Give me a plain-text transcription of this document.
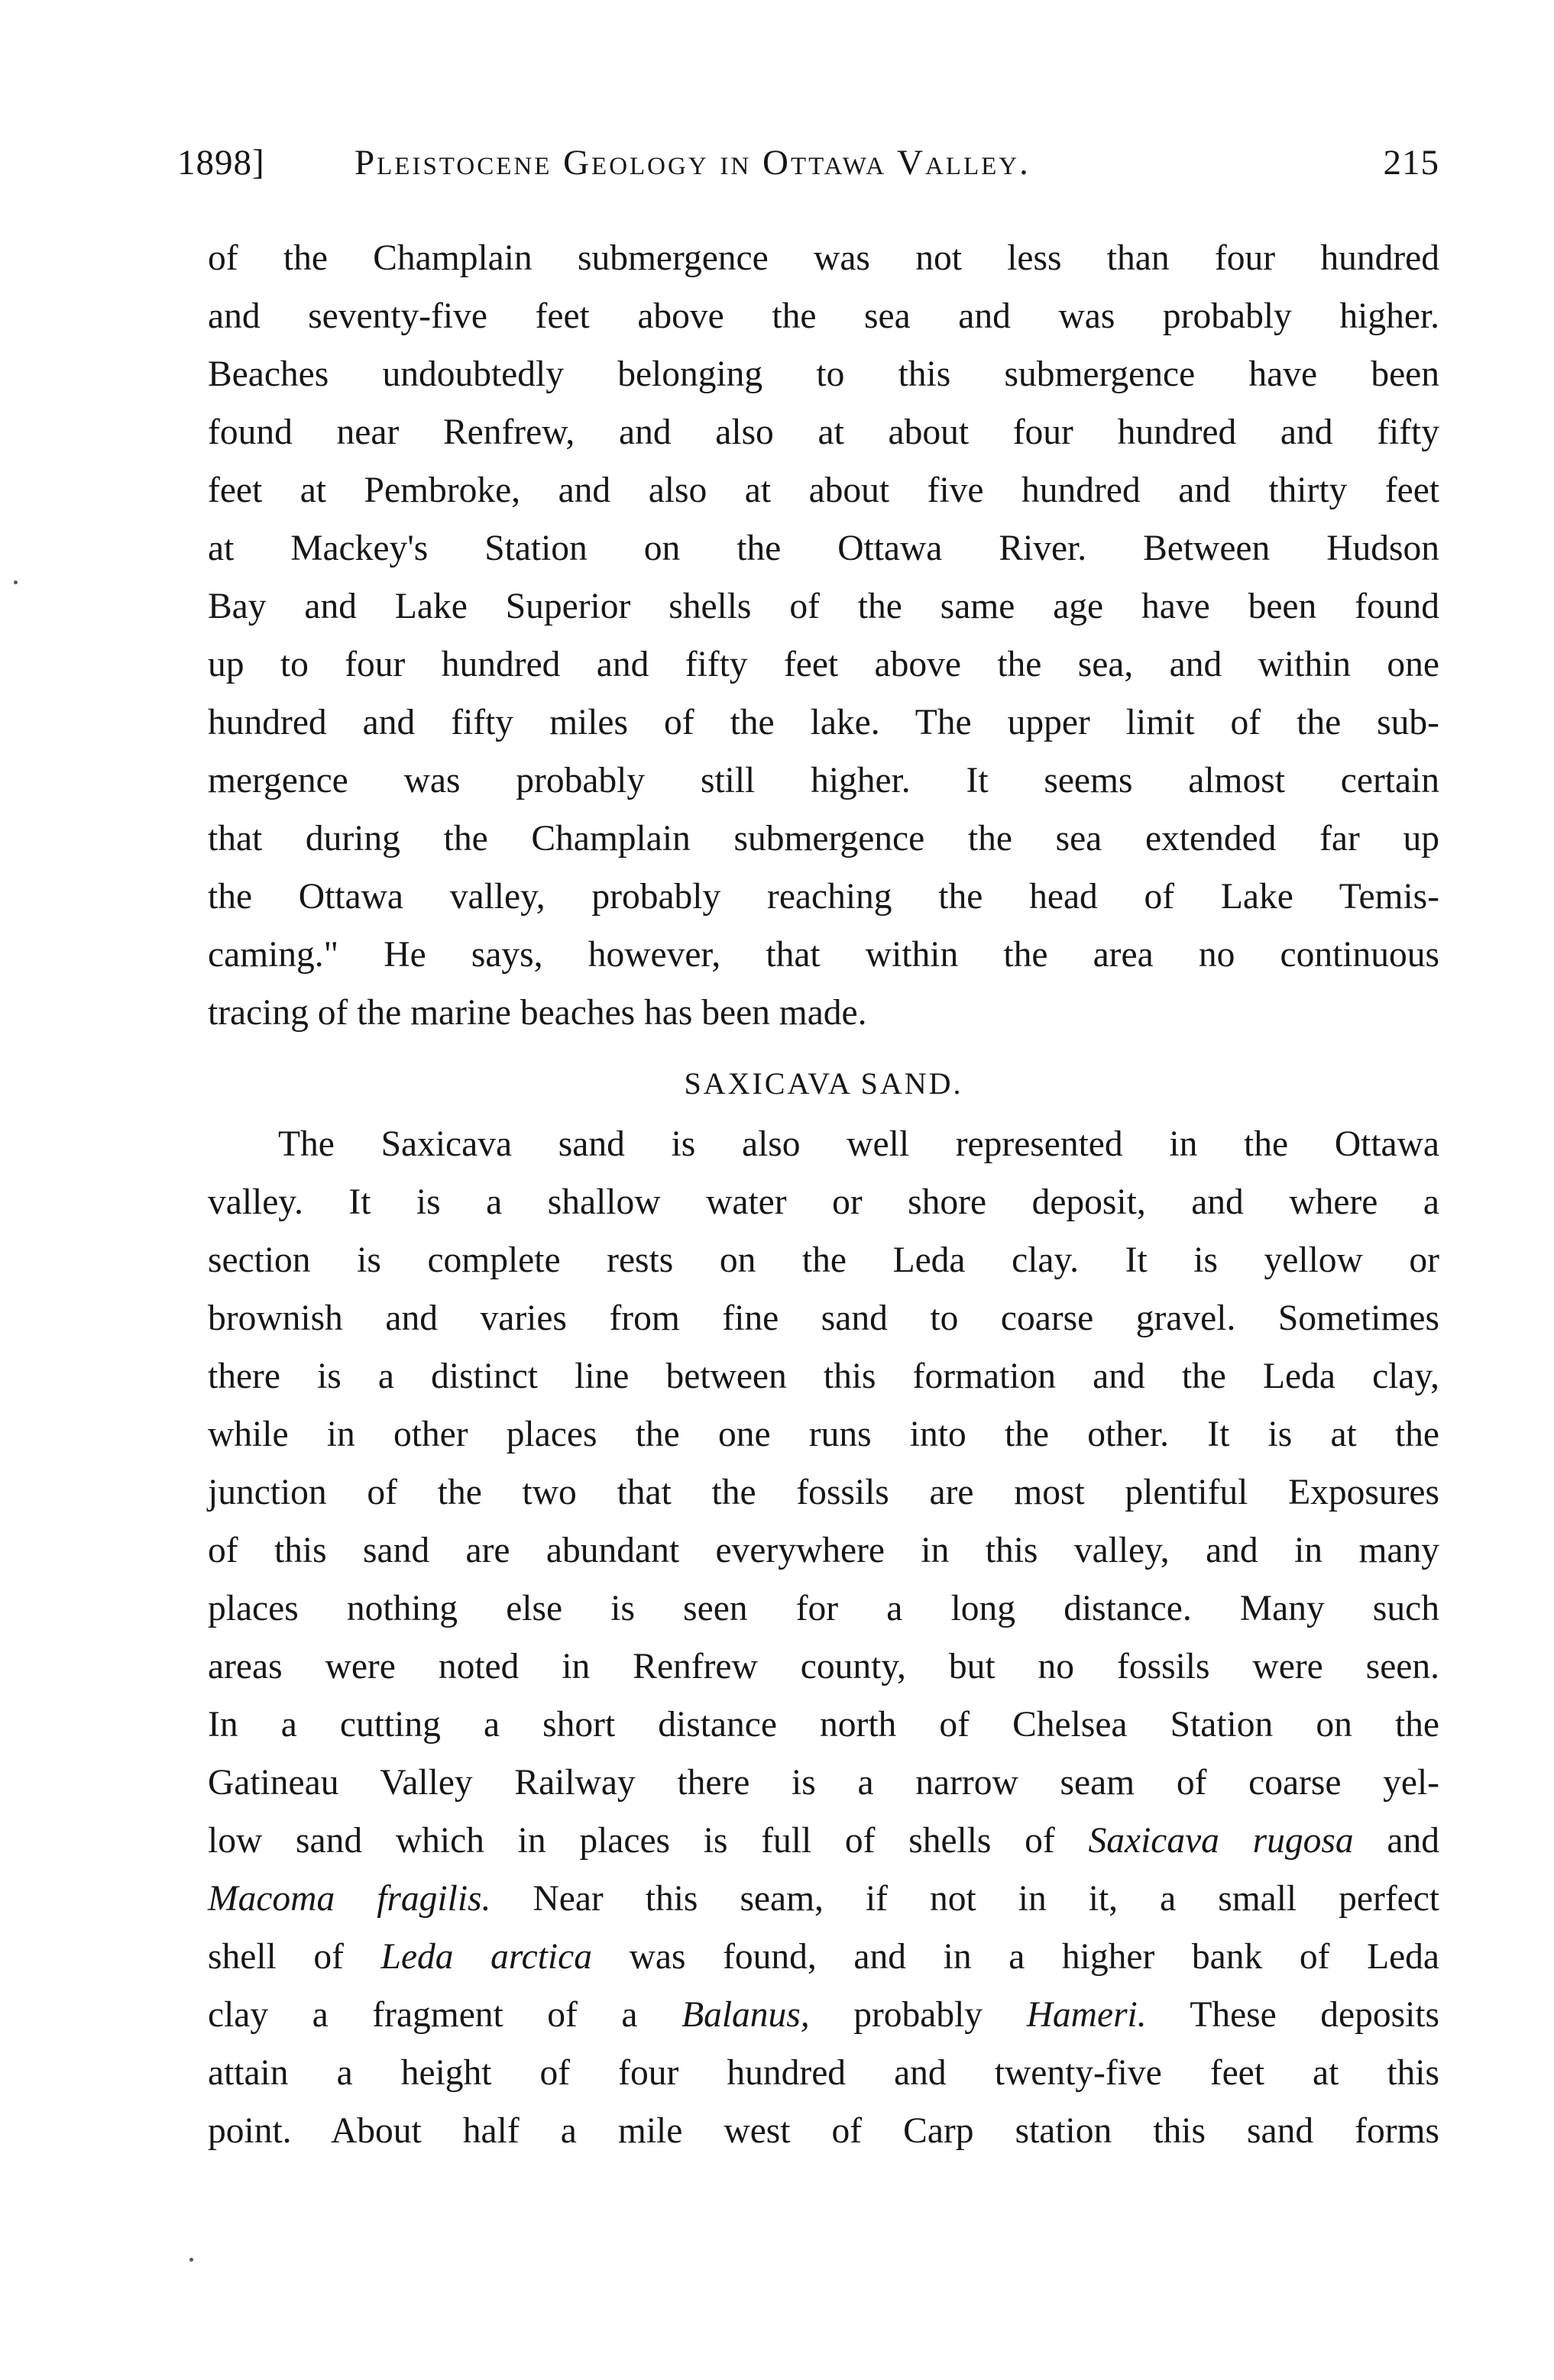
1898] Pleistocene Geology in Ottawa Valley.	215
of the Champlain submergence was not less than four hundred
and seventy-five feet above the sea and was probably higher.
Beaches undoubtedly belonging to this submergence have been
found near Renfrew, and also at about four hundred and fifty
feet at Pembroke, and also at about five hundred and thirty feet
at Mackey's Station on the Ottawa River. Between Hudson
Bay and Lake Superior shells of the same age have been found
up to four hundred and fifty feet above the sea, and within one
hundred and fifty miles of the lake. The upper limit of the sub-
mergence was probably still higher. It seems almost certain
that during the Champlain submergence the sea extended far up
the Ottawa valley, probably reaching the head of Lake Temis-
caming." He says, however, that within the area no continuous
tracing of the marine beaches has been made.
SAXICAVA SAND.
The Saxicava sand is also well represented in the Ottawa
valley. It is a shallow water or shore deposit, and where a
section is complete rests on the Leda clay. It is yellow or
brownish and varies from fine sand to coarse gravel. Sometimes
there is a distinct line between this formation and the Leda clay,
while in other places the one runs into the other. It is at the
junction of the two that the fossils are most plentiful Exposures
of this sand are abundant everywhere in this valley, and in many
places nothing else is seen for a long distance. Many such
areas were noted in Renfrew county, but no fossils were seen.
In a cutting a short distance north of Chelsea Station on the
Gatineau Valley Railway there is a narrow seam of coarse yel-
low sand which in places is full of shells of Saxicava rugosa and
Macoma fragilis. Near this seam, if not in it, a small perfect
shell of Leda arctica was found, and in a higher bank of Leda
clay a fragment of a Balanus, probably Hameri. These deposits
attain a height of four hundred and twenty-five feet at this
point. About half a mile west of Carp station this sand forms
